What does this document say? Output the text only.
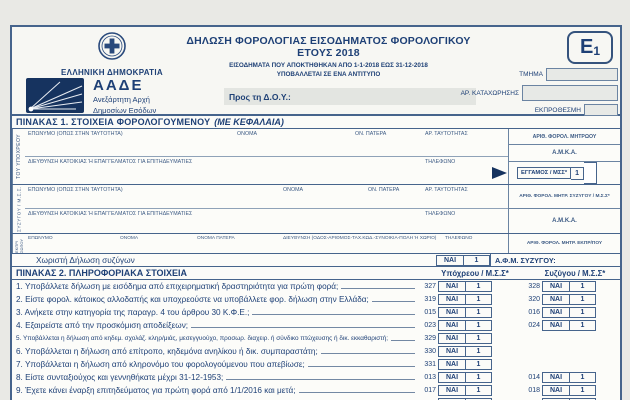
ΕΛΛΗΝΙΚΗ ΔΗΜΟΚΡΑΤΙΑ
ΑΑΔΕ
Ανεξάρτητη Αρχή
Δημοσίων Εσόδων
ΔΗΛΩΣΗ ΦΟΡΟΛΟΓΙΑΣ ΕΙΣΟΔΗΜΑΤΟΣ ΦΟΡΟΛΟΓΙΚΟΥ ΕΤΟΥΣ 2018
ΕΙΣΟΔΗΜΑΤΑ ΠΟΥ ΑΠΟΚΤΗΘΗΚΑΝ ΑΠΟ 1-1-2018 ΕΩΣ 31-12-2018
ΥΠΟΒΑΛΛΕΤΑΙ ΣΕ ΕΝΑ ΑΝΤΙΤΥΠΟ
Προς τη Δ.Ο.Υ.:
Ε 1
ΤΜΗΜΑ
ΑΡ. ΚΑΤΑΧΩΡΗΣΗΣ
ΕΚΠΡΟΘΕΣΜΗ
ΠΙΝΑΚΑΣ 1. ΣΤΟΙΧΕΙΑ ΦΟΡΟΛΟΓΟΥΜΕΝΟΥ (ΜΕ ΚΕΦΑΛΑΙΑ)
ΤΟΥ ΥΠΟΧΡΕΟΥ	ΕΠΩΝΥΜΟ (ΟΠΩΣ ΣΤΗΝ ΤΑΥΤΟΤΗΤΑ)	ΟΝΟΜΑ	ΟΝ. ΠΑΤΕΡΑ	ΑΡ. ΤΑΥΤΟΤΗΤΑΣ
ΔΙΕΥΘΥΝΣΗ ΚΑΤΟΙΚΙΑΣ Ή ΕΠΑΓΓΕΛΜΑΤΟΣ ΓΙΑ ΕΠΙΤΗΔΕΥΜΑΤΙΕΣ	ΤΗΛΕΦΩΝΟ
ΑΡΙΘ. ΦΟΡΟΛ. ΜΗΤΡΩΟΥ
Α.Μ.Κ.Α.
ΕΓΓΑΜΟΣ / ΜΣΣ*	1
ΣΥΖΥΓΟΥ / Μ.Σ.Σ.	ΕΠΩΝΥΜΟ (ΟΠΩΣ ΣΤΗΝ ΤΑΥΤΟΤΗΤΑ)	ΟΝΟΜΑ	ΟΝ. ΠΑΤΕΡΑ	ΑΡ. ΤΑΥΤΟΤΗΤΑΣ
ΔΙΕΥΘΥΝΣΗ ΚΑΤΟΙΚΙΑΣ Ή ΕΠΑΓΓΕΛΜΑΤΟΣ ΓΙΑ ΕΠΙΤΗΔΕΥΜΑΤΙΕΣ	ΤΗΛΕΦΩΝΟ
ΑΡΙΘ. ΦΟΡΟΛ. ΜΗΤΡ. ΣΥΖΥΓΟΥ / Μ.Σ.Σ*
Α.Μ.Κ.Α.
ΕΚΠΡ/ΣΩΠΟΥ
ΕΠΩΝΥΜΟ	ΟΝΟΜΑ	ΟΝΟΜΑ ΠΑΤΕΡΑ	ΔΙΕΥΘΥΝΣΗ (ΟΔΟΣ-ΑΡΙΘΜΟΣ-ΤΑΧ.ΚΩΔ.-ΣΥΝΟΙΚΙΑ-ΠΟΛΗ Ή ΧΩΡΙΟ) ΤΗΛΕΦΩΝΟ
ΑΡΙΘ. ΦΟΡΟΛ. ΜΗΤΡ. ΕΚΠΡ/ΠΟΥ
Χωριστή Δήλωση συζύγων	ΝΑΙ	1	Α.Φ.Μ. ΣΥΖΥΓΟΥ:
ΠΙΝΑΚΑΣ 2. ΠΛΗΡΟΦΟΡΙΑΚΑ ΣΤΟΙΧΕΙΑ	Υπόχρεου / Μ.Σ.Σ*	Συζύγου / Μ.Σ.Σ*
1. Υποβάλλετε δήλωση με εισόδημα από επιχειρηματική δραστηριότητα για πρώτη φορά;	327	ΝΑΙ	1	328	ΝΑΙ	1
2. Είστε φορολ. κάτοικος αλλοδαπής και υποχρεούστε να υποβάλλετε φορ. δήλωση στην Ελλάδα;	319	ΝΑΙ	1	320	ΝΑΙ	1
3. Ανήκετε στην κατηγορία της παραγρ. 4 του άρθρου 30 Κ.Φ.Ε.;	015	ΝΑΙ	1	016	ΝΑΙ	1
4. Εξαιρείστε από την προσκόμιση αποδείξεων;	023	ΝΑΙ	1	024	ΝΑΙ	1
5. Υποβάλλεται η δήλωση από κηδεμ. σχολάζ. κληρ/μιάς, μεσεγγυούχο, προσωρ. διαχειρ. ή σύνδικο πτώχευσης ή δικ. εκκαθαριστή;	329	ΝΑΙ	1
6. Υποβάλλεται η δήλωση από επίτροπο, κηδεμόνα ανηλίκου ή δικ. συμπαραστάτη;	330	ΝΑΙ	1
7. Υποβάλλεται η δήλωση από κληρονόμο του φορολογούμενου που απεβίωσε;	331	ΝΑΙ	1
8. Είστε συνταξιούχος και γεννηθήκατε μέχρι 31-12-1953;	013	ΝΑΙ	1	014	ΝΑΙ	1
9. Έχετε κάνει έναρξη επιτηδεύματος για πρώτη φορά από 1/1/2016 και μετά;	017	ΝΑΙ	1	018	ΝΑΙ	1
